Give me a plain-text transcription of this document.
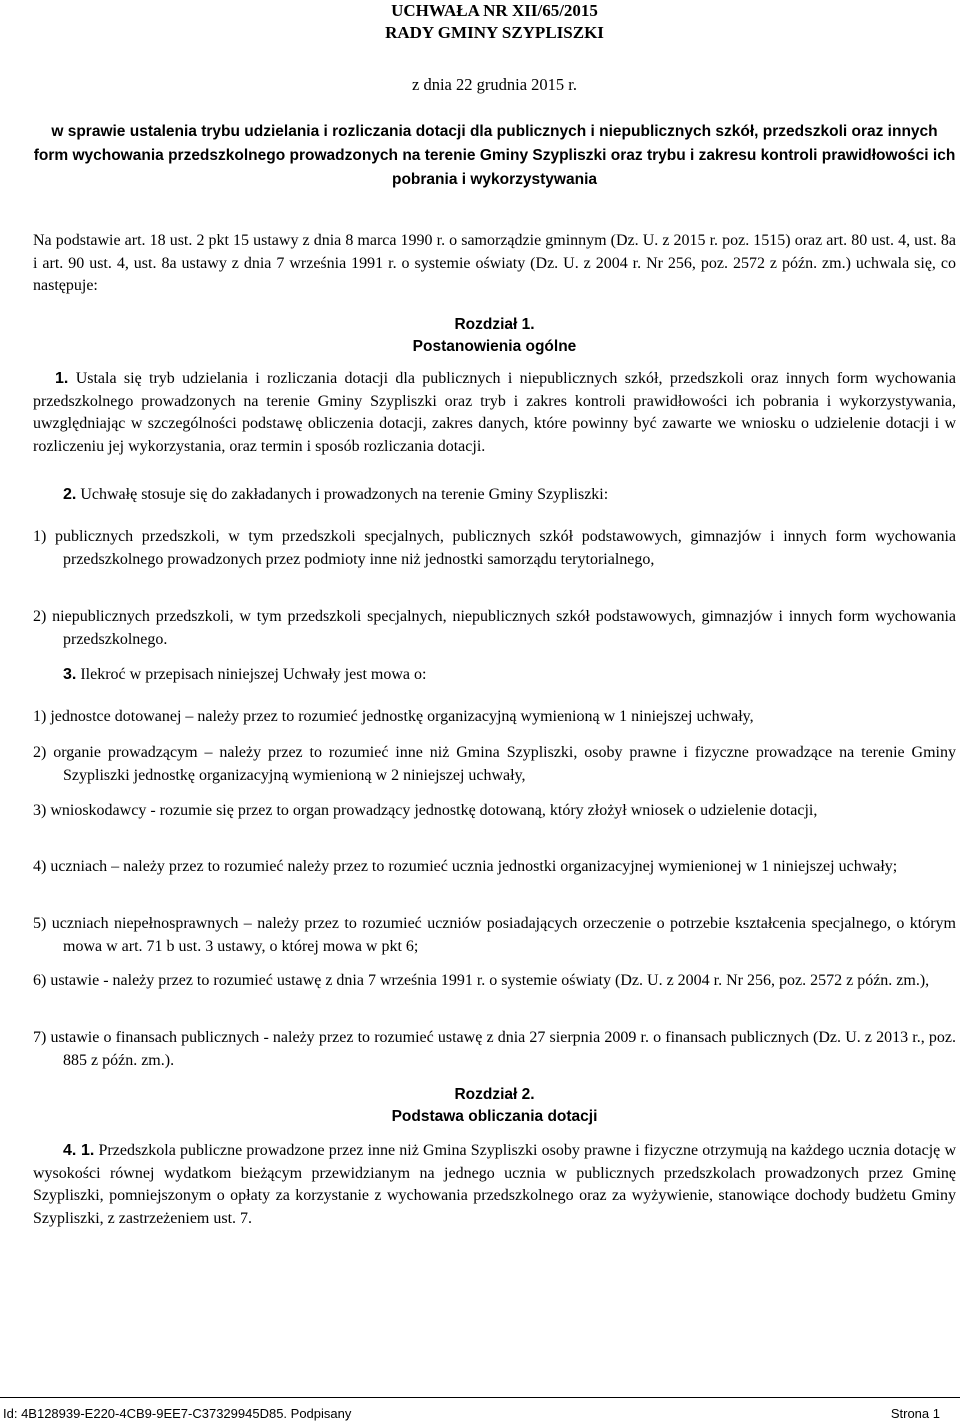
UCHWAŁA NR XII/65/2015
RADY GMINY SZYPLISZKI
z dnia 22 grudnia 2015 r.
w sprawie ustalenia trybu udzielania i rozliczania dotacji dla publicznych i niepublicznych szkół, przedszkoli oraz innych form wychowania przedszkolnego prowadzonych na terenie Gminy Szypliszki oraz trybu i zakresu kontroli prawidłowości ich pobrania i wykorzystywania
Na podstawie art. 18 ust. 2 pkt 15 ustawy z dnia 8 marca 1990 r. o samorządzie gminnym (Dz. U. z 2015 r. poz. 1515) oraz art. 80 ust. 4, ust. 8a i art. 90 ust. 4, ust. 8a ustawy z dnia 7 września 1991 r. o systemie oświaty (Dz. U. z 2004 r. Nr 256, poz. 2572 z późn. zm.) uchwala się, co następuje:
Rozdział 1.
Postanowienia ogólne
1. Ustala się tryb udzielania i rozliczania dotacji dla publicznych i niepublicznych szkół, przedszkoli oraz innych form wychowania przedszkolnego prowadzonych na terenie Gminy Szypliszki oraz tryb i zakres kontroli prawidłowości ich pobrania i wykorzystywania, uwzględniając w szczególności podstawę obliczenia dotacji, zakres danych, które powinny być zawarte we wniosku o udzielenie dotacji i w rozliczeniu jej wykorzystania, oraz termin i sposób rozliczania dotacji.
2. Uchwałę stosuje się do zakładanych i prowadzonych na terenie Gminy Szypliszki:
1) publicznych przedszkoli, w tym przedszkoli specjalnych, publicznych szkół podstawowych, gimnazjów i innych form wychowania przedszkolnego prowadzonych przez podmioty inne niż jednostki samorządu terytorialnego,
2) niepublicznych przedszkoli, w tym przedszkoli specjalnych, niepublicznych szkół podstawowych, gimnazjów i innych form wychowania przedszkolnego.
3. Ilekroć w przepisach niniejszej Uchwały jest mowa o:
1) jednostce dotowanej – należy przez to rozumieć jednostkę organizacyjną wymienioną w 1 niniejszej uchwały,
2) organie prowadzącym – należy przez to rozumieć inne niż Gmina Szypliszki, osoby prawne i fizyczne prowadzące na terenie Gminy Szypliszki jednostkę organizacyjną wymienioną w 2 niniejszej uchwały,
3) wnioskodawcy - rozumie się przez to organ prowadzący jednostkę dotowaną, który złożył wniosek o udzielenie dotacji,
4) uczniach – należy przez to rozumieć należy przez to rozumieć ucznia jednostki organizacyjnej wymienionej w 1 niniejszej uchwały;
5) uczniach niepełnosprawnych – należy przez to rozumieć uczniów posiadających orzeczenie o potrzebie kształcenia specjalnego, o którym mowa w art. 71 b ust. 3 ustawy, o której mowa w pkt 6;
6) ustawie - należy przez to rozumieć ustawę z dnia 7 września 1991 r. o systemie oświaty (Dz. U. z 2004 r. Nr 256, poz. 2572 z późn. zm.),
7) ustawie o finansach publicznych - należy przez to rozumieć ustawę z dnia 27 sierpnia 2009 r. o finansach publicznych (Dz. U. z 2013 r., poz. 885 z późn. zm.).
Rozdział 2.
Podstawa obliczania dotacji
4. 1. Przedszkola publiczne prowadzone przez inne niż Gmina Szypliszki osoby prawne i fizyczne otrzymują na każdego ucznia dotację w wysokości równej wydatkom bieżącym przewidzianym na jednego ucznia w publicznych przedszkolach prowadzonych przez Gminę Szypliszki, pomniejszonym o opłaty za korzystanie z wychowania przedszkolnego oraz za wyżywienie, stanowiące dochody budżetu Gminy Szypliszki, z zastrzeżeniem ust. 7.
Id: 4B128939-E220-4CB9-9EE7-C37329945D85. Podpisany	Strona 1
